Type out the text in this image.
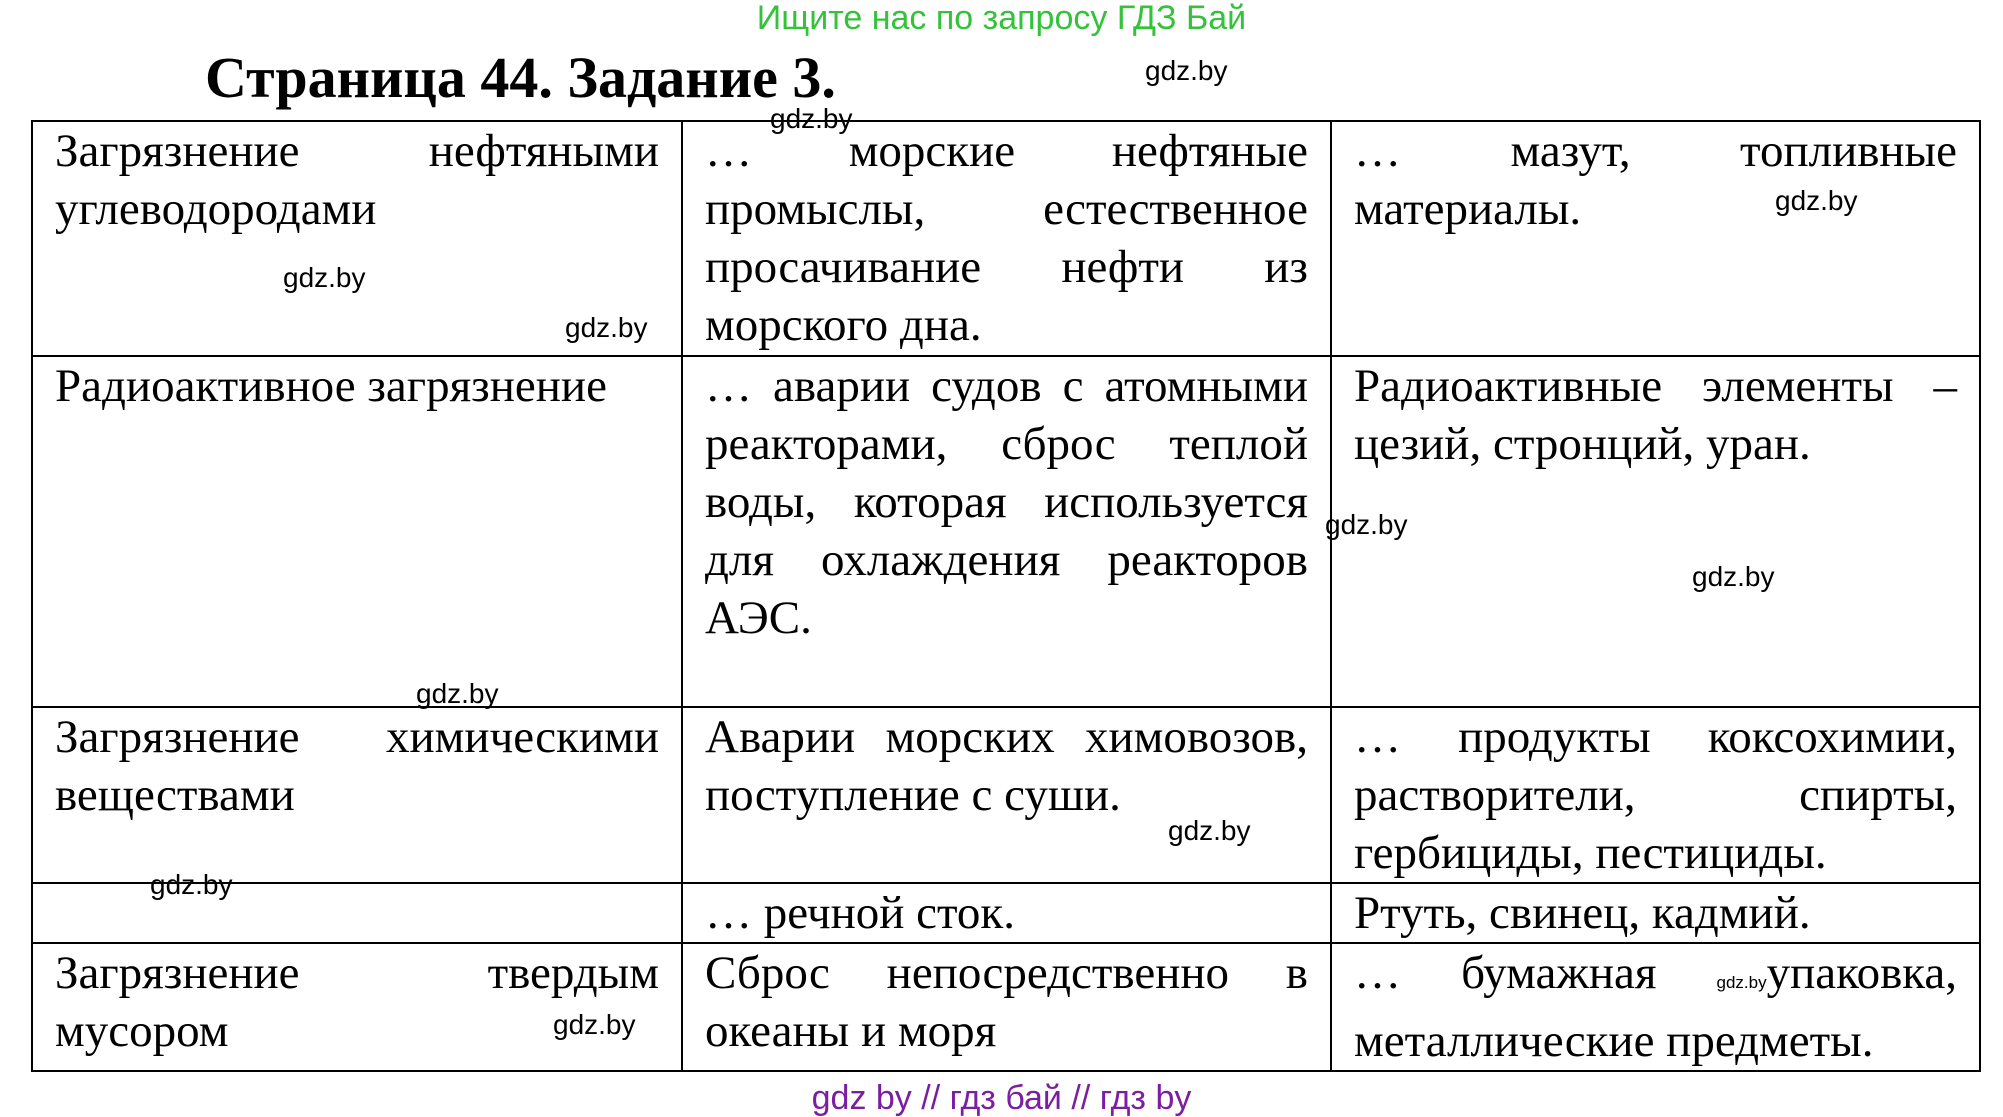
Ищите нас по запросу ГДЗ Бай
Страница 44. Задание 3.
Загрязнение нефтяными углеводородами	… морские нефтяные промыслы, естественное просачивание нефти из морского дна.	… мазут, топливные материалы.
Радиоактивное загрязнение	… аварии судов с атомными реакторами, сброс теплой воды, которая используется для охлаждения реакторов АЭС.	Радиоактивные элементы – цезий, стронций, уран.
Загрязнение химическими веществами	Аварии морских химовозов, поступление с суши.	… продукты коксохимии, растворители, спирты, гербициды, пестициды.
	… речной сток.	Ртуть, свинец, кадмий.
Загрязнение твердым мусором	Сброс непосредственно в океаны и моря	… бумажная gdz.byупаковка, металлические предметы.
gdz.by
gdz.by
gdz.by
gdz.by
gdz.by
gdz.by
gdz.by
gdz.by
gdz.by
gdz.by
gdz.by
gdz by // гдз бай // гдз by
